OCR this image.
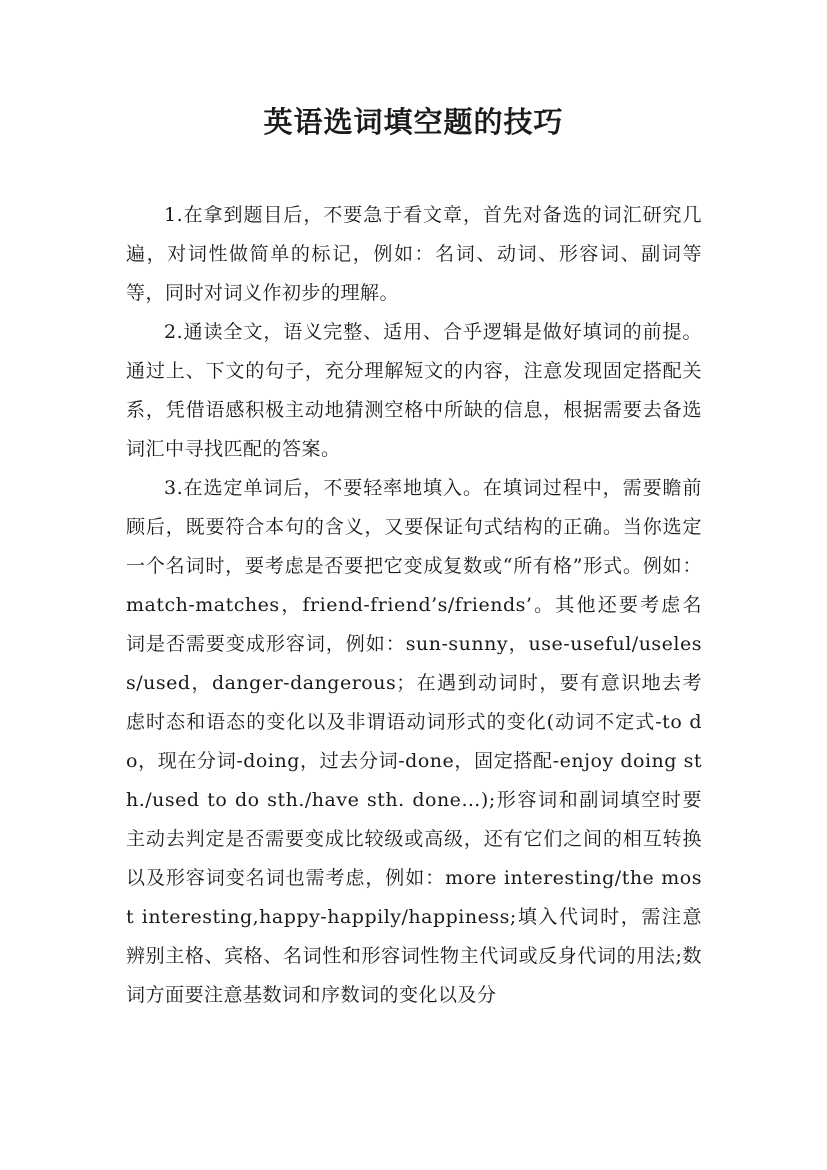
英语选词填空题的技巧

1.在拿到题目后，不要急于看文章，首先对备选的词汇研究几遍，对词性做简单的标记，例如：名词、动词、形容词、副词等等，同时对词义作初步的理解。

2.通读全文，语义完整、适用、合乎逻辑是做好填词的前提。通过上、下文的句子，充分理解短文的内容，注意发现固定搭配关系，凭借语感积极主动地猜测空格中所缺的信息，根据需要去备选词汇中寻找匹配的答案。

3.在选定单词后，不要轻率地填入。在填词过程中，需要瞻前顾后，既要符合本句的含义，又要保证句式结构的正确。当你选定一个名词时，要考虑是否要把它变成复数或“所有格”形式。例如：match-matches，friend-friend’s/friends’。其他还要考虑名词是否需要变成形容词，例如：sun-sunny，use-useful/useless/used，danger-dangerous；在遇到动词时，要有意识地去考虑时态和语态的变化以及非谓语动词形式的变化(动词不定式-to do，现在分词-doing，过去分词-done，固定搭配-enjoy doing sth./used to do sth./have sth. done…);形容词和副词填空时要主动去判定是否需要变成比较级或高级，还有它们之间的相互转换以及形容词变名词也需考虑，例如：more interesting/the most interesting,happy-happily/happiness;填入代词时，需注意辨别主格、宾格、名词性和形容词性物主代词或反身代词的用法;数词方面要注意基数词和序数词的变化以及分
